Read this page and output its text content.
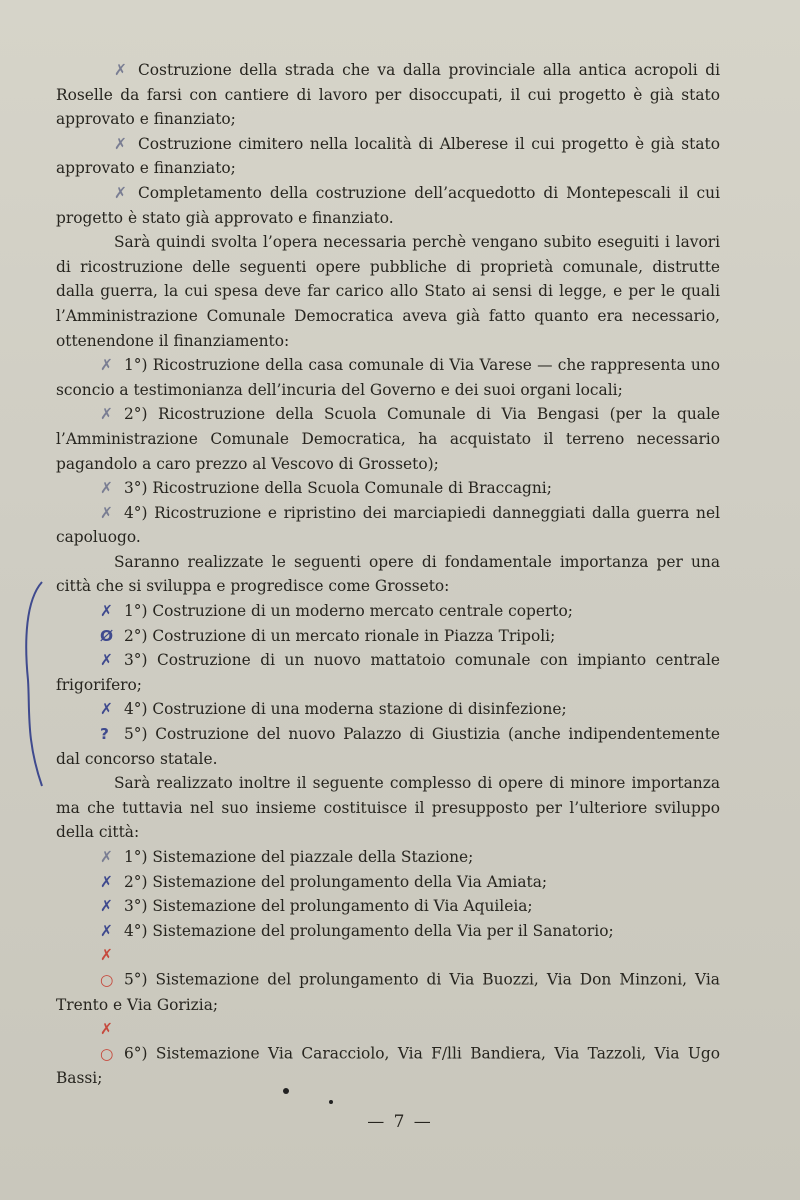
✗ Costruzione della strada che va dalla provinciale alla antica acropoli di Roselle da farsi con cantiere di lavoro per disoccupati, il cui progetto è già stato approvato e finanziato;

✗ Costruzione cimitero nella località di Alberese il cui progetto è già stato approvato e finanziato;

✗ Completamento della costruzione dell’acquedotto di Montepescali il cui progetto è stato già approvato e finanziato.

Sarà quindi svolta l’opera necessaria perchè vengano subito eseguiti i lavori di ricostruzione delle seguenti opere pubbliche di proprietà comunale, distrutte dalla guerra, la cui spesa deve far carico allo Stato ai sensi di legge, e per le quali l’Amministrazione Comunale Democratica aveva già fatto quanto era necessario, ottenendone il finanziamento:

✗ 1°) Ricostruzione della casa comunale di Via Varese — che rappresenta uno sconcio a testimonianza dell’incuria del Governo e dei suoi organi locali;

✗ 2°) Ricostruzione della Scuola Comunale di Via Bengasi (per la quale l’Amministrazione Comunale Democratica, ha acquistato il terreno necessario pagandolo a caro prezzo al Vescovo di Grosseto);

✗ 3°) Ricostruzione della Scuola Comunale di Braccagni;

✗ 4°) Ricostruzione e ripristino dei marciapiedi danneggiati dalla guerra nel capoluogo.

Saranno realizzate le seguenti opere di fondamentale importanza per una città che si sviluppa e progredisce come Grosseto:

✗ 1°) Costruzione di un moderno mercato centrale coperto;

Ø 2°) Costruzione di un mercato rionale in Piazza Tripoli;

✗ 3°) Costruzione di un nuovo mattatoio comunale con impianto centrale frigorifero;

✗ 4°) Costruzione di una moderna stazione di disinfezione;

? 5°) Costruzione del nuovo Palazzo di Giustizia (anche indipendentemente dal concorso statale.

Sarà realizzato inoltre il seguente complesso di opere di minore importanza ma che tuttavia nel suo insieme costituisce il presupposto per l’ulteriore sviluppo della città:

✗ 1°) Sistemazione del piazzale della Stazione;

✗ 2°) Sistemazione del prolungamento della Via Amiata;

✗ 3°) Sistemazione del prolungamento di Via Aquileia;

✗ 4°) Sistemazione del prolungamento della Via per il Sanatorio;

✗ ○ 5°) Sistemazione del prolungamento di Via Buozzi, Via Don Minzoni, Via Trento e Via Gorizia;

✗ ○ 6°) Sistemazione Via Caracciolo, Via F/lli Bandiera, Via Tazzoli, Via Ugo Bassi;

— 7 —
